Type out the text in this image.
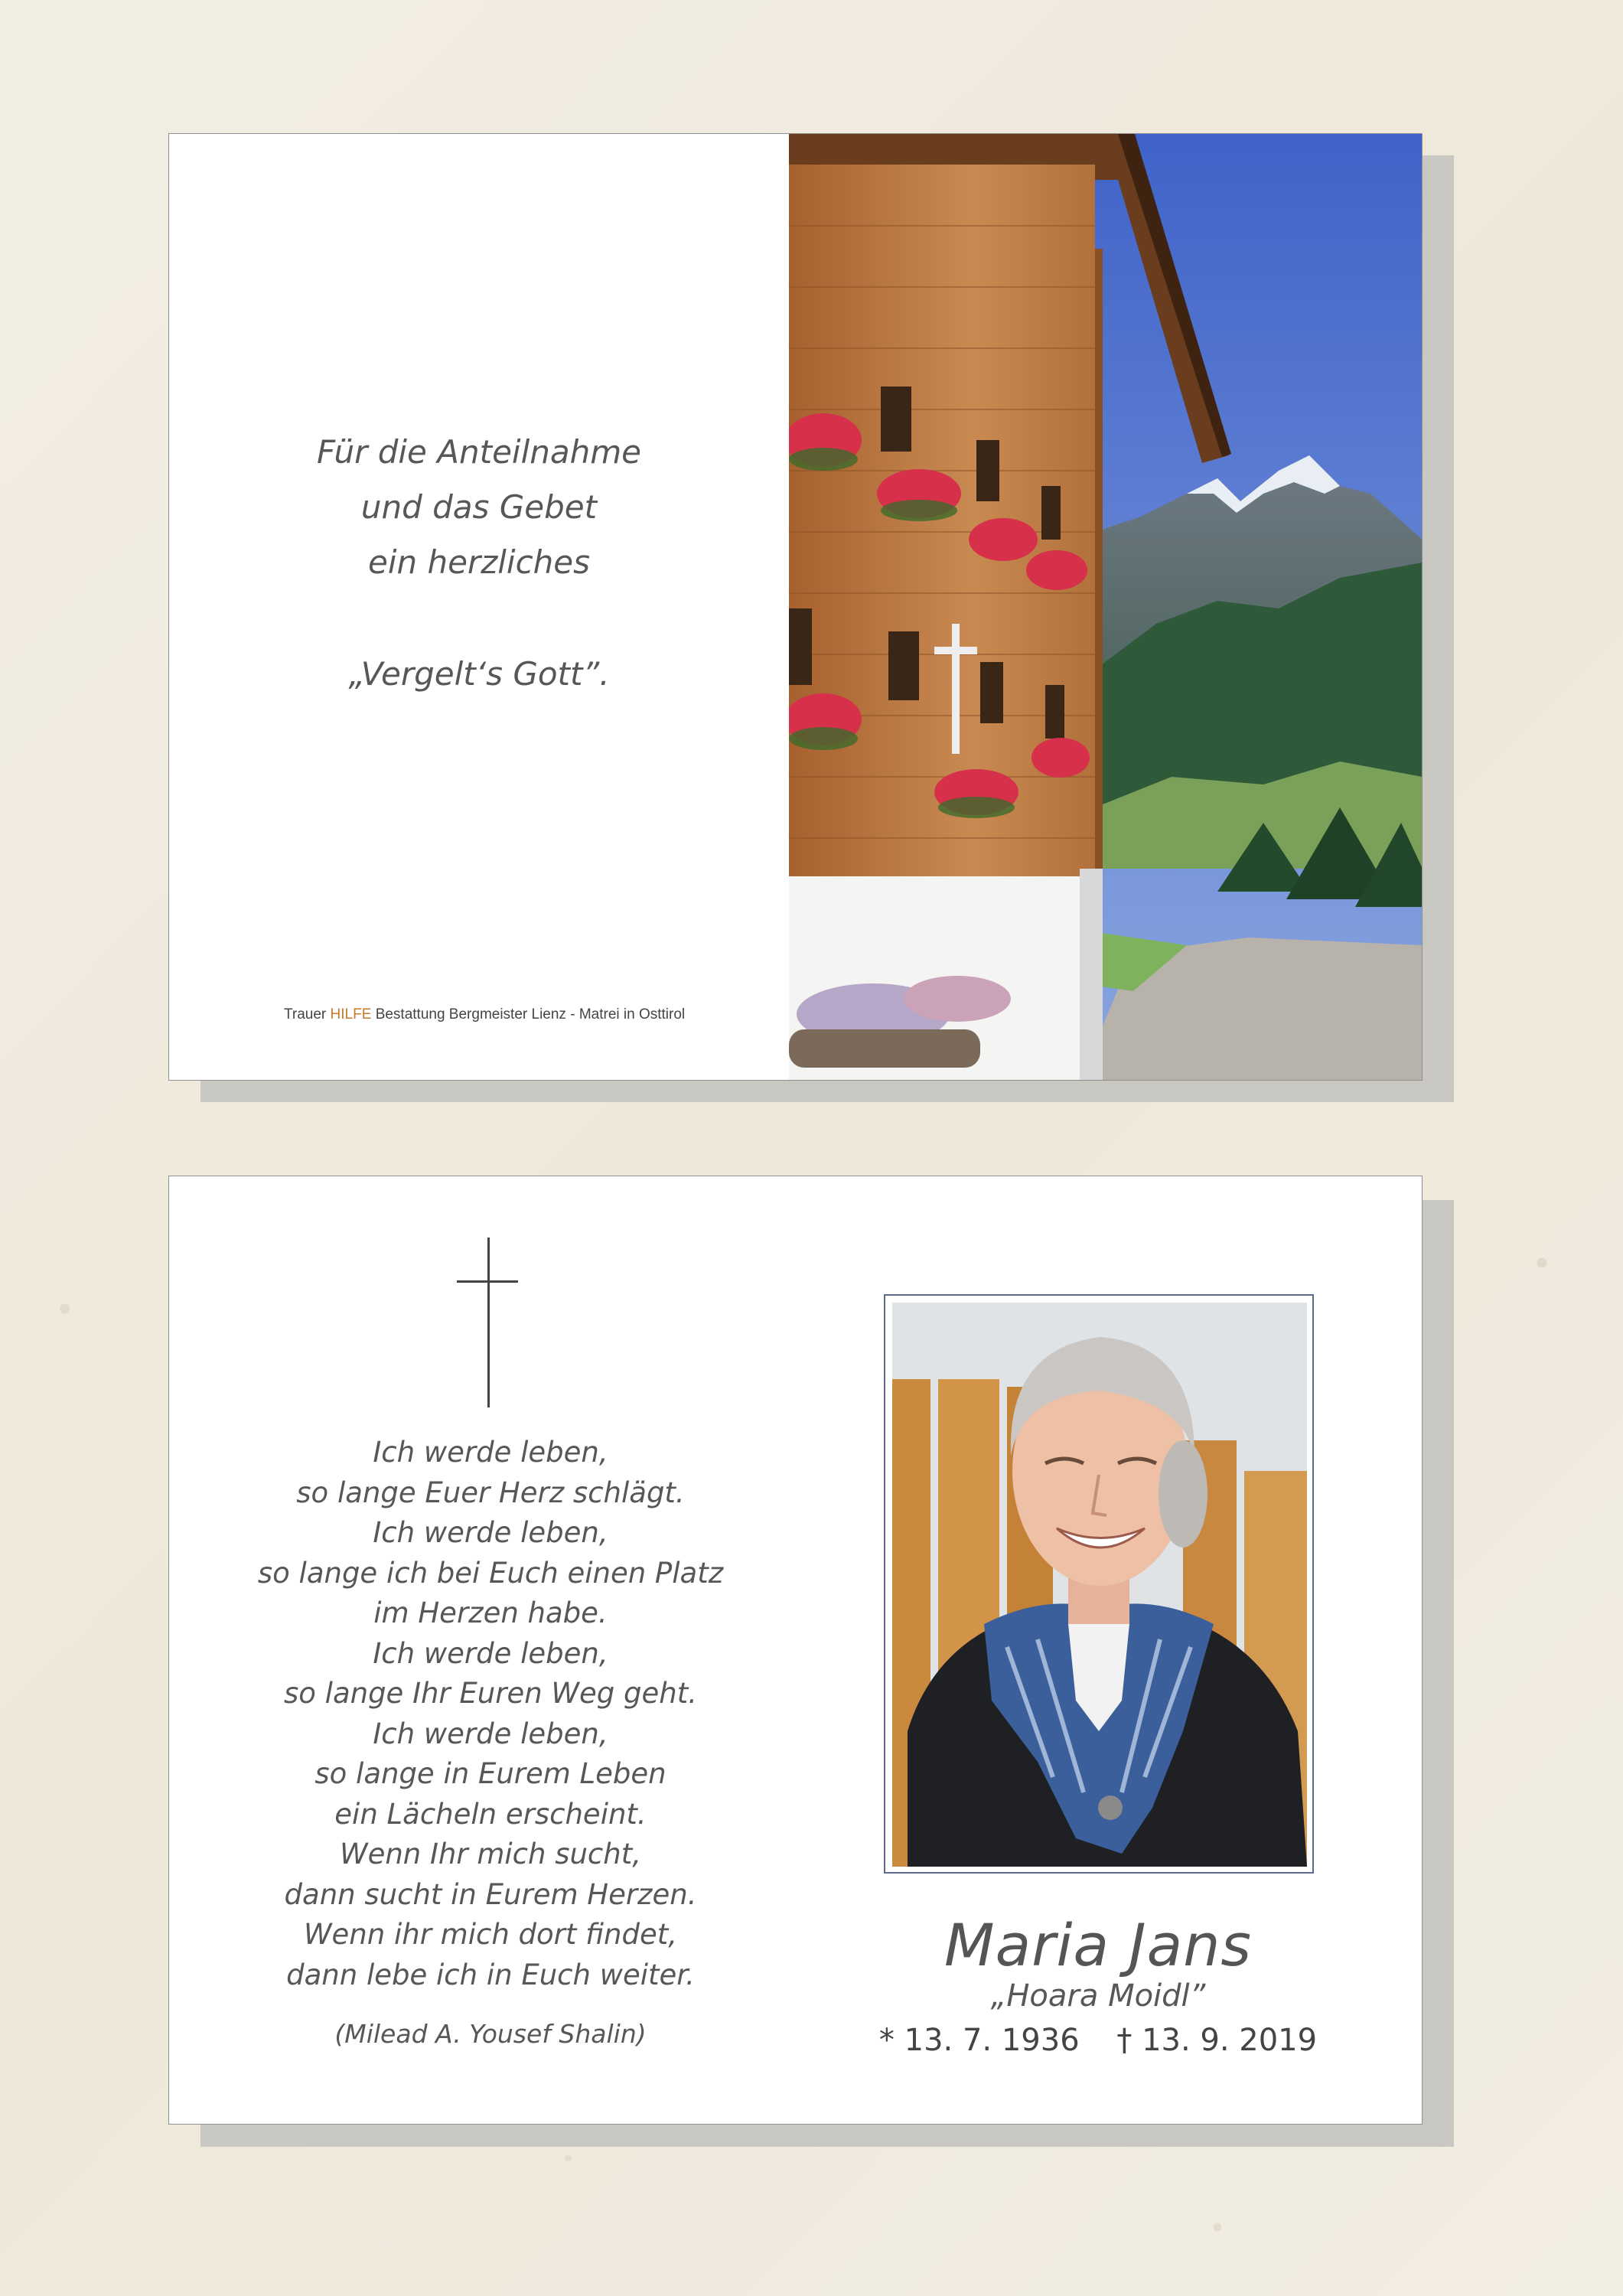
Für die Anteilnahme
und das Gebet
ein herzliches
„Vergelt‘s Gott”.
Trauer HILFE Bestattung Bergmeister Lienz - Matrei in Osttirol
Ich werde leben,
so lange Euer Herz schlägt.
Ich werde leben,
so lange ich bei Euch einen Platz
im Herzen habe.
Ich werde leben,
so lange Ihr Euren Weg geht.
Ich werde leben,
so lange in Eurem Leben
ein Lächeln erscheint.
Wenn Ihr mich sucht,
dann sucht in Eurem Herzen.
Wenn ihr mich dort findet,
dann lebe ich in Euch weiter.
(Milead A. Yousef Shalin)
Maria Jans
„Hoara Moidl”
* 13. 7. 1936 † 13. 9. 2019
